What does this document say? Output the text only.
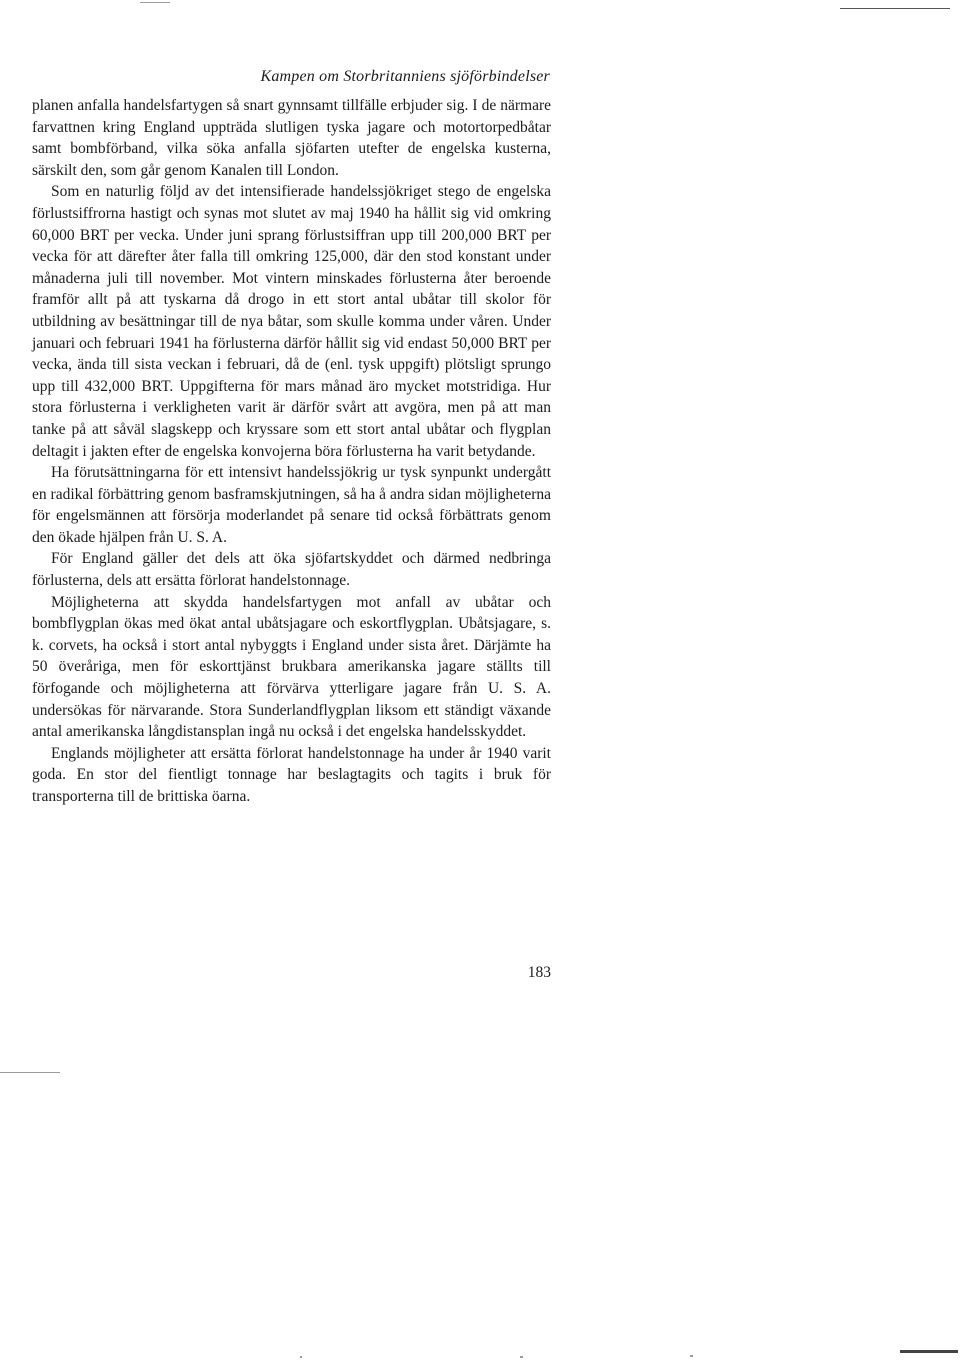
Kampen om Storbritanniens sjöförbindelser

planen anfalla handelsfartygen så snart gynnsamt tillfälle erbjuder sig. I de närmare farvattnen kring England uppträda slutligen tyska jagare och motortorpedbåtar samt bombförband, vilka söka anfalla sjöfarten utefter de engelska kusterna, särskilt den, som går genom Kanalen till London.

Som en naturlig följd av det intensifierade handelssjökriget stego de engelska förlustsiffrorna hastigt och synas mot slutet av maj 1940 ha hållit sig vid omkring 60,000 BRT per vecka. Under juni sprang förlustsiffran upp till 200,000 BRT per vecka för att därefter åter falla till omkring 125,000, där den stod konstant under månaderna juli till november. Mot vintern minskades förlusterna åter beroende framför allt på att tyskarna då drogo in ett stort antal ubåtar till skolor för utbildning av besättningar till de nya båtar, som skulle komma under våren. Under januari och februari 1941 ha förlusterna därför hållit sig vid endast 50,000 BRT per vecka, ända till sista veckan i februari, då de (enl. tysk uppgift) plötsligt sprungo upp till 432,000 BRT. Uppgifterna för mars månad äro mycket motstridiga. Hur stora förlusterna i verkligheten varit är därför svårt att avgöra, men på att man tanke på att såväl slagskepp och kryssare som ett stort antal ubåtar och flygplan deltagit i jakten efter de engelska konvojerna böra förlusterna ha varit betydande.

Ha förutsättningarna för ett intensivt handelssjökrig ur tysk synpunkt undergått en radikal förbättring genom basframskjutningen, så ha å andra sidan möjligheterna för engelsmännen att försörja moderlandet på senare tid också förbättrats genom den ökade hjälpen från U. S. A.

För England gäller det dels att öka sjöfartskyddet och därmed nedbringa förlusterna, dels att ersätta förlorat handelstonnage.

Möjligheterna att skydda handelsfartygen mot anfall av ubåtar och bombflygplan ökas med ökat antal ubåtsjagare och eskortflygplan. Ubåtsjagare, s. k. corvets, ha också i stort antal nybyggts i England under sista året. Därjämte ha 50 överåriga, men för eskorttjänst brukbara amerikanska jagare ställts till förfogande och möjligheterna att förvärva ytterligare jagare från U. S. A. undersökas för närvarande. Stora Sunderlandflygplan liksom ett ständigt växande antal amerikanska långdistansplan ingå nu också i det engelska handelsskyddet.

Englands möjligheter att ersätta förlorat handelstonnage ha under år 1940 varit goda. En stor del fientligt tonnage har beslagtagits och tagits i bruk för transporterna till de brittiska öarna.

183
